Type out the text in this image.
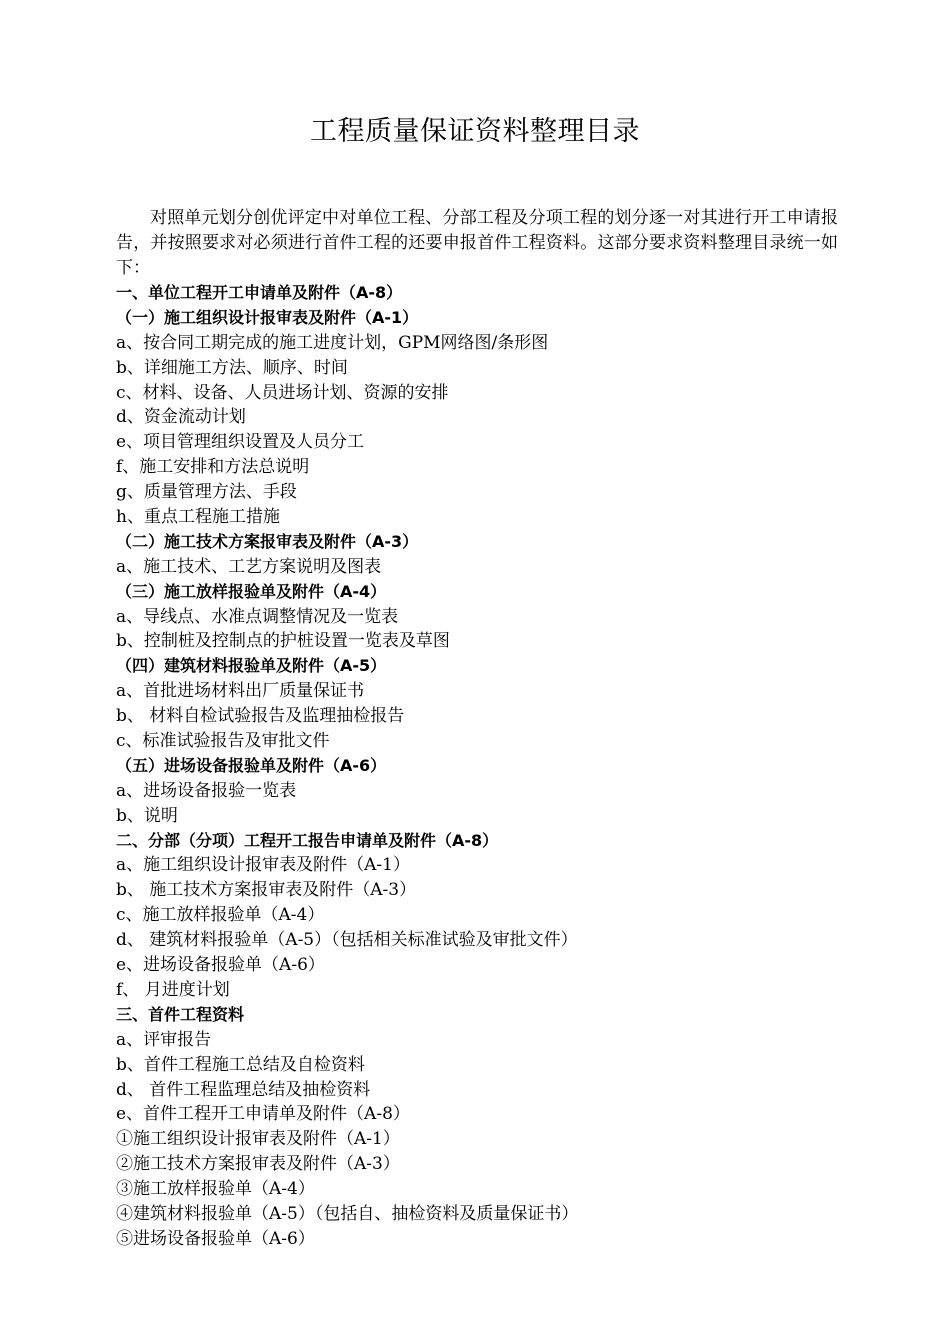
工程质量保证资料整理目录
对照单元划分创优评定中对单位工程、分部工程及分项工程的划分逐一对其进行开工申请报告，并按照要求对必须进行首件工程的还要申报首件工程资料。这部分要求资料整理目录统一如下：
一、单位工程开工申请单及附件（A-8）
（一）施工组织设计报审表及附件（A-1）
a、按合同工期完成的施工进度计划，GPM网络图/条形图
b、详细施工方法、顺序、时间
c、材料、设备、人员进场计划、资源的安排
d、资金流动计划
e、项目管理组织设置及人员分工
f、施工安排和方法总说明
g、质量管理方法、手段
h、重点工程施工措施
（二）施工技术方案报审表及附件（A-3）
a、施工技术、工艺方案说明及图表
（三）施工放样报验单及附件（A-4）
a、导线点、水准点调整情况及一览表
b、控制桩及控制点的护桩设置一览表及草图
（四）建筑材料报验单及附件（A-5）
a、首批进场材料出厂质量保证书
b、 材料自检试验报告及监理抽检报告
c、标准试验报告及审批文件
（五）进场设备报验单及附件（A-6）
a、进场设备报验一览表
b、说明
二、分部（分项）工程开工报告申请单及附件（A-8）
a、施工组织设计报审表及附件（A-1）
b、 施工技术方案报审表及附件（A-3）
c、施工放样报验单（A-4）
d、 建筑材料报验单（A-5）（包括相关标准试验及审批文件）
e、进场设备报验单（A-6）
f、 月进度计划
三、首件工程资料
a、评审报告
b、首件工程施工总结及自检资料
d、 首件工程监理总结及抽检资料
e、首件工程开工申请单及附件（A-8）
①施工组织设计报审表及附件（A-1）
②施工技术方案报审表及附件（A-3）
③施工放样报验单（A-4）
④建筑材料报验单（A-5）（包括自、抽检资料及质量保证书）
⑤进场设备报验单（A-6）
